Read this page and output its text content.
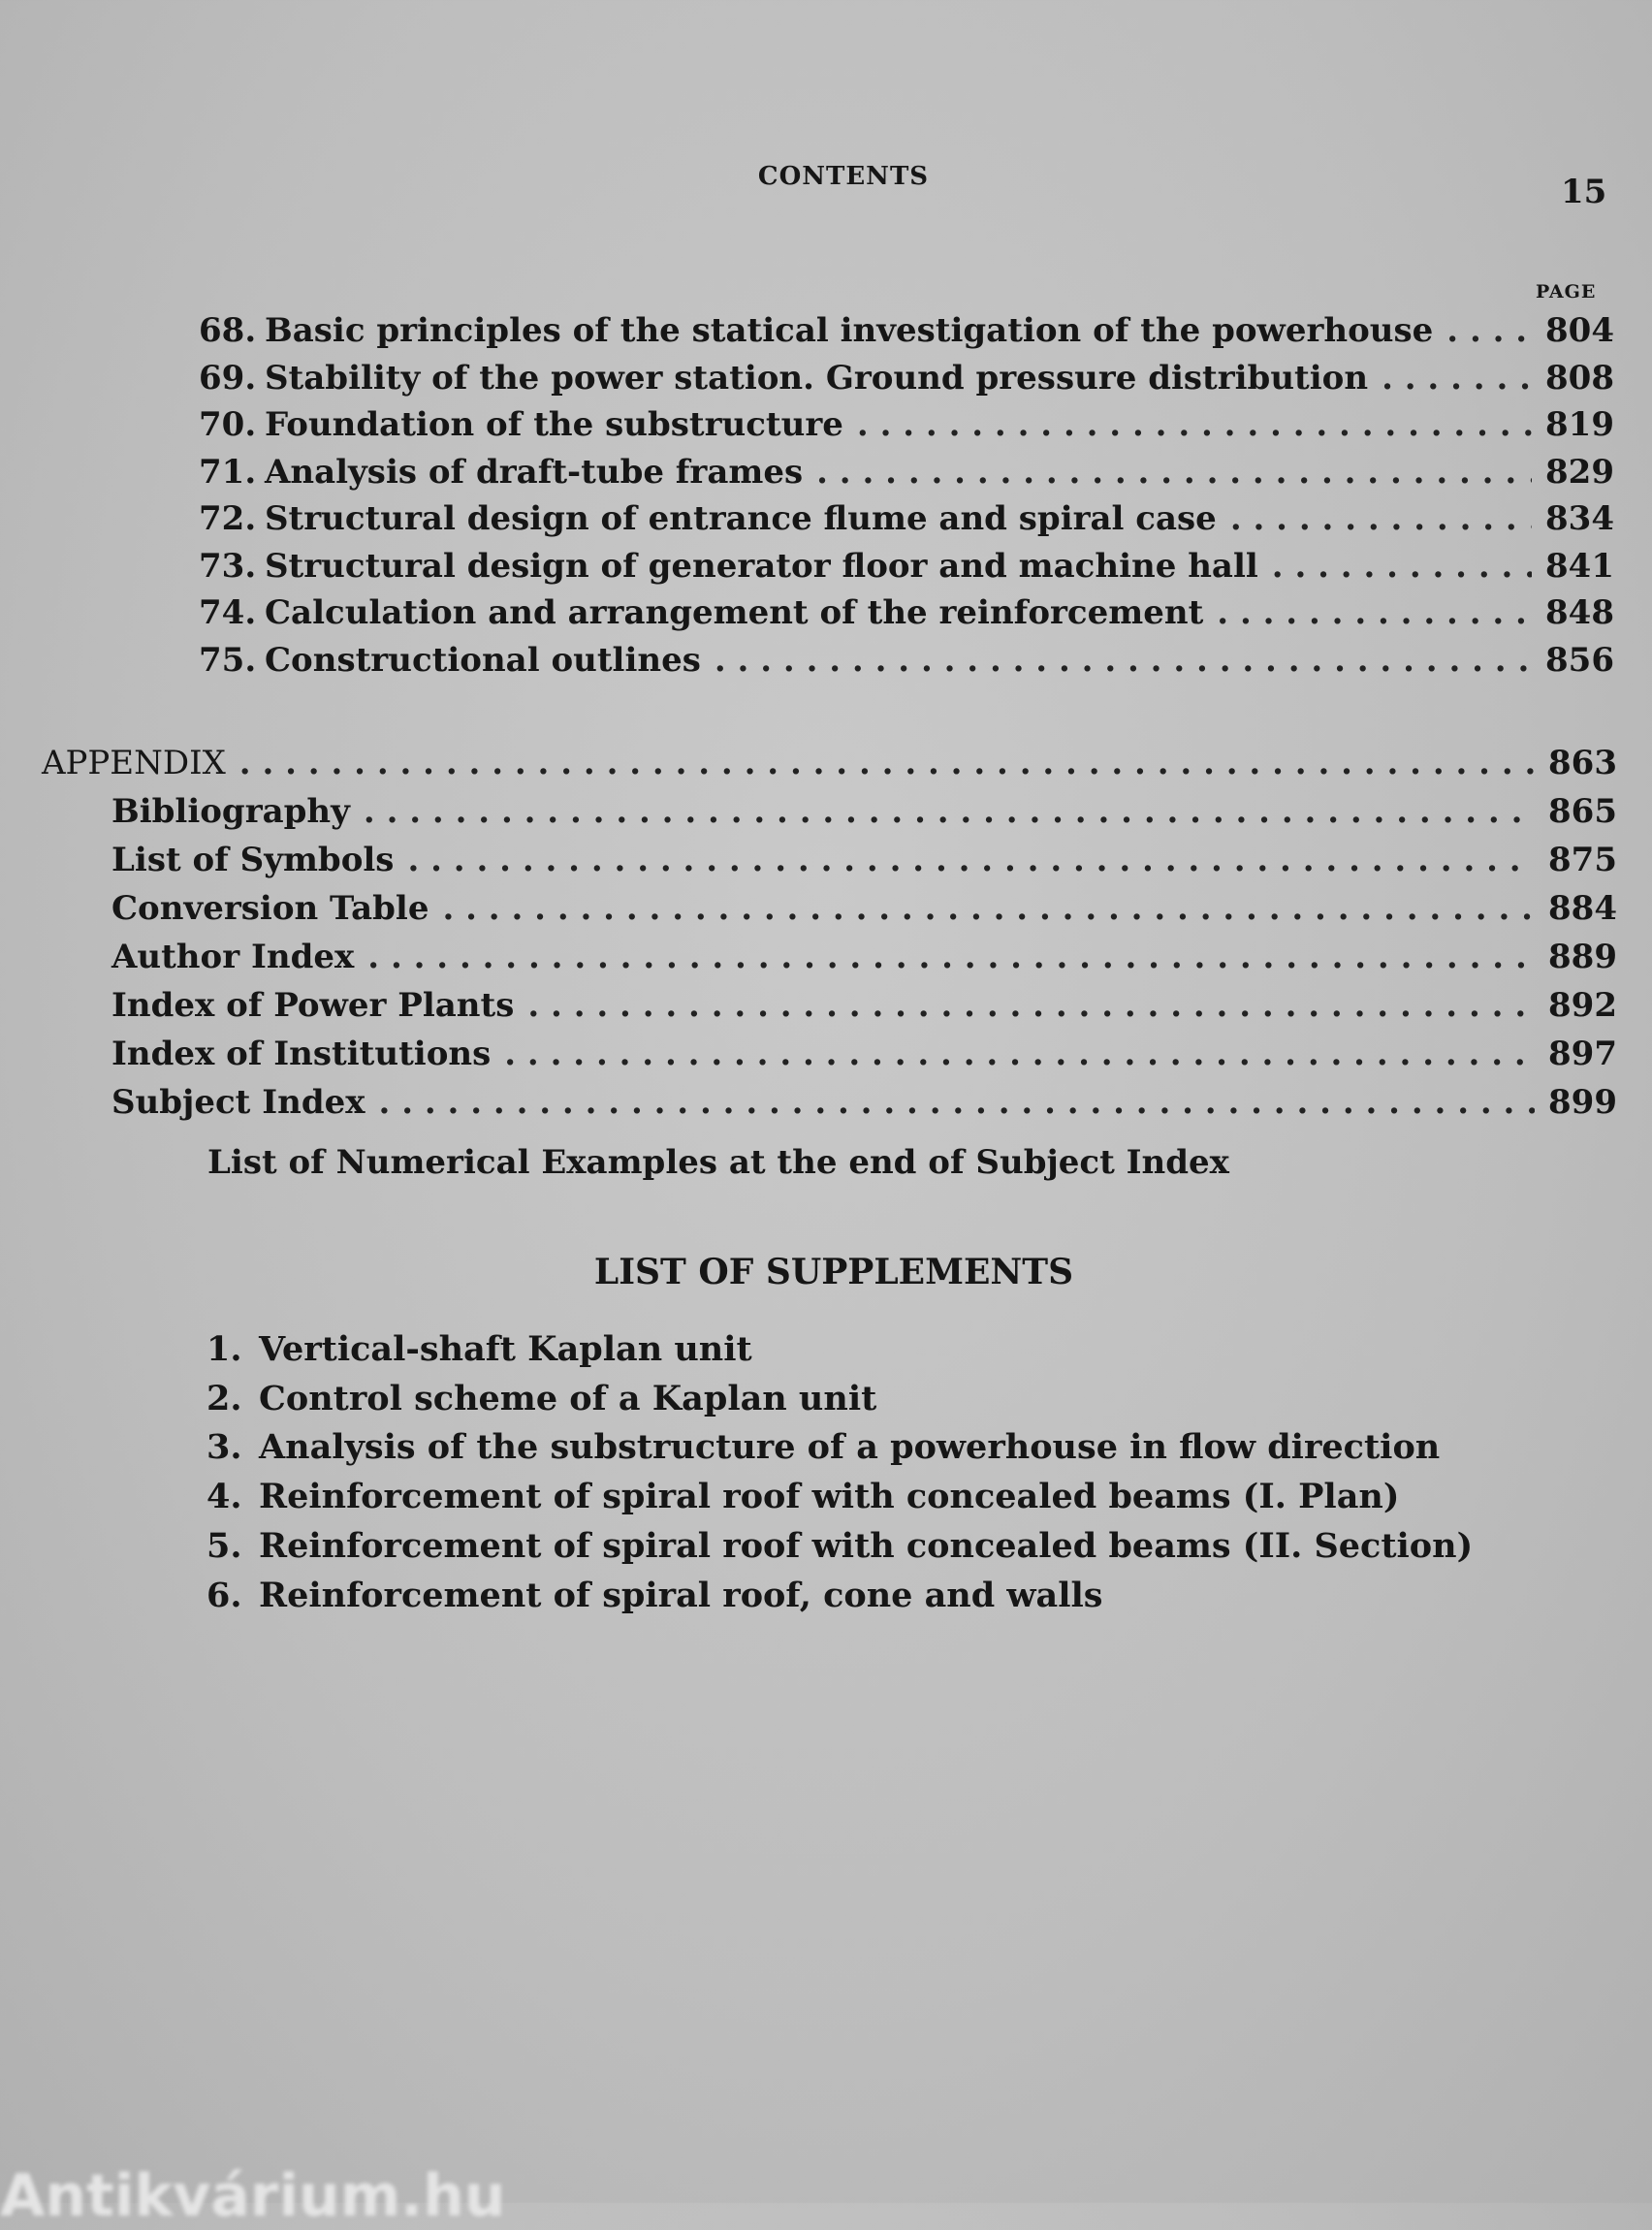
CONTENTS	15
PAGE
68. Basic principles of the statical investigation of the powerhouse . . .	804
69. Stability of the power station. Ground pressure distribution . . .	808
70. Foundation of the substructure . . .	819
71. Analysis of draft-tube frames . . .	829
72. Structural design of entrance flume and spiral case . . .	834
73. Structural design of generator floor and machine hall . . .	841
74. Calculation and arrangement of the reinforcement . . .	848
75. Constructional outlines . . .	856
APPENDIX . . .	863
Bibliography . . .	865
List of Symbols . . .	875
Conversion Table . . .	884
Author Index . . .	889
Index of Power Plants . . .	892
Index of Institutions . . .	897
Subject Index . . .	899
List of Numerical Examples at the end of Subject Index
LIST OF SUPPLEMENTS
1. Vertical-shaft Kaplan unit
2. Control scheme of a Kaplan unit
3. Analysis of the substructure of a powerhouse in flow direction
4. Reinforcement of spiral roof with concealed beams (I. Plan)
5. Reinforcement of spiral roof with concealed beams (II. Section)
6. Reinforcement of spiral roof, cone and walls
Antikvárium.hu
